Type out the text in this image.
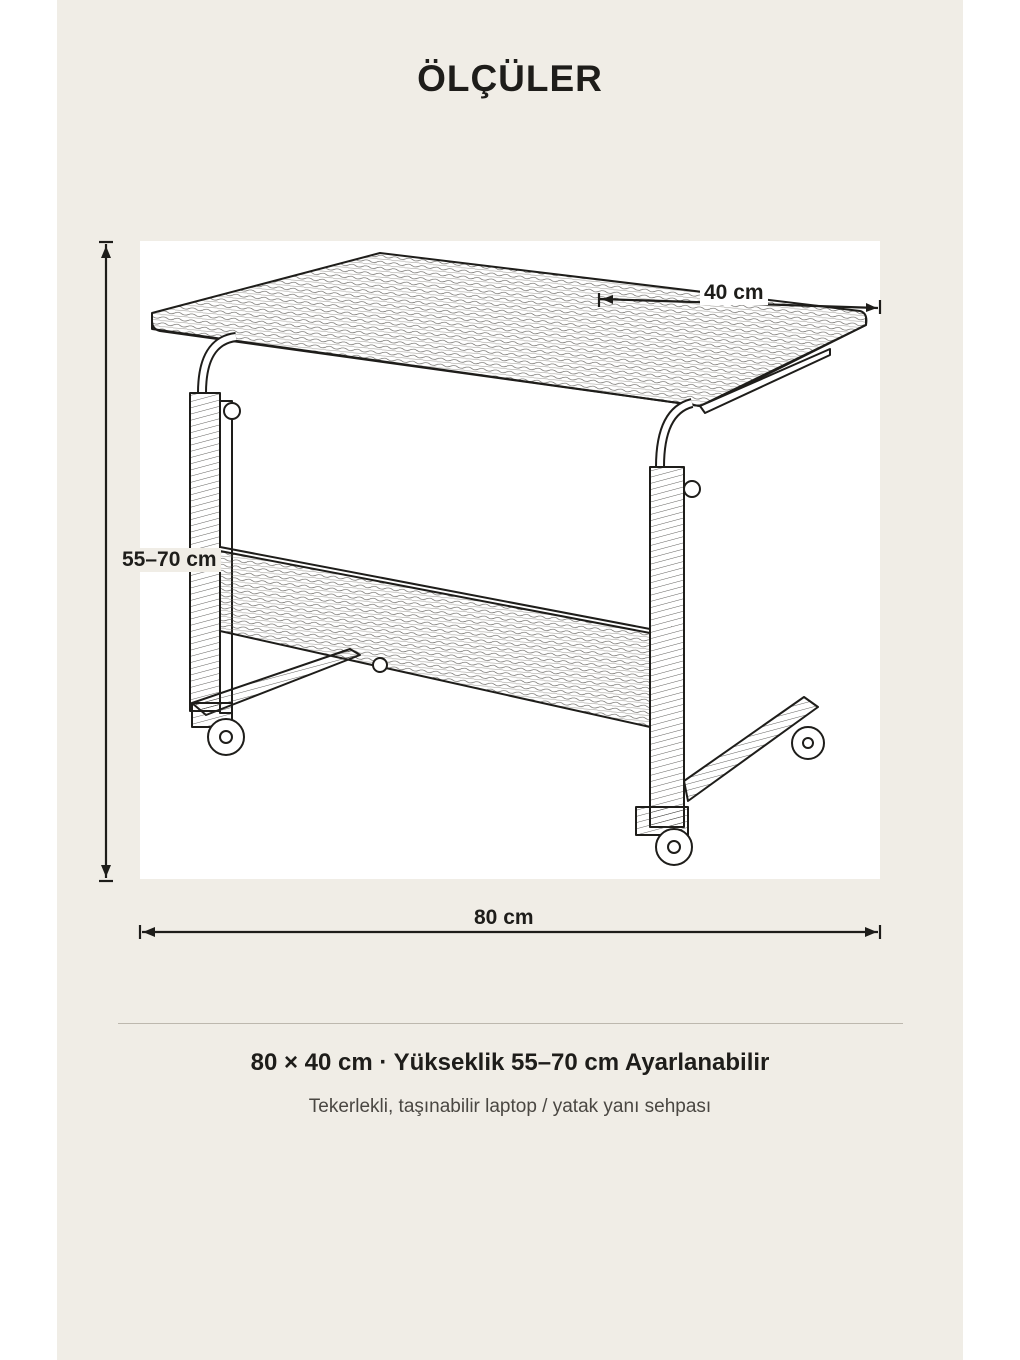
ÖLÇÜLER
55–70 cm
80 cm
40 cm
80 × 40 cm · Yükseklik 55–70 cm Ayarlanabilir
Tekerlekli, taşınabilir laptop / yatak yanı sehpası
